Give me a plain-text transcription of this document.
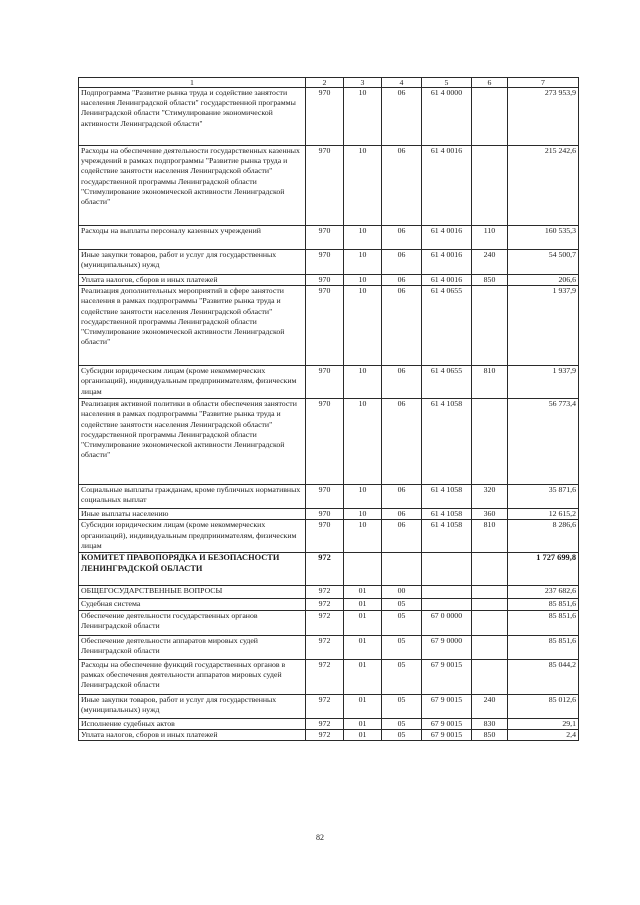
1	2	3	4	5	6	7
Подпрограмма "Развитие рынка труда и содействие занятости населения Ленинградской области" государственной программы Ленинградской области "Стимулирование экономической активности Ленинградской области"	970	10	06	61 4 0000		273 953,9
Расходы на обеспечение деятельности государственных казенных учреждений в рамках подпрограммы "Развитие рынка труда и содействие занятости населения Ленинградской области" государственной программы Ленинградской области "Стимулирование экономической активности Ленинградской области"	970	10	06	61 4 0016		215 242,6
Расходы на выплаты персоналу казенных учреждений	970	10	06	61 4 0016	110	160 535,3
Иные закупки товаров, работ и услуг для государственных (муниципальных) нужд	970	10	06	61 4 0016	240	54 500,7
Уплата налогов, сборов и иных платежей	970	10	06	61 4 0016	850	206,6
Реализация дополнительных мероприятий в сфере занятости населения в рамках подпрограммы "Развитие рынка труда и содействие занятости населения Ленинградской области" государственной программы Ленинградской области "Стимулирование экономической активности Ленинградской области"	970	10	06	61 4 0655		1 937,9
Субсидии юридическим лицам (кроме некоммерческих организаций), индивидуальным предпринимателям, физическим лицам	970	10	06	61 4 0655	810	1 937,9
Реализация активной политики в области обеспечения занятости населения в рамках подпрограммы "Развитие рынка труда и содействие занятости населения Ленинградской области" государственной программы Ленинградской области "Стимулирование экономической активности Ленинградской области"	970	10	06	61 4 1058		56 773,4
Социальные выплаты гражданам, кроме публичных нормативных социальных выплат	970	10	06	61 4 1058	320	35 871,6
Иные выплаты населению	970	10	06	61 4 1058	360	12 615,2
Субсидии юридическим лицам (кроме некоммерческих организаций), индивидуальным предпринимателям, физическим лицам	970	10	06	61 4 1058	810	8 286,6
КОМИТЕТ ПРАВОПОРЯДКА И БЕЗОПАСНОСТИ ЛЕНИНГРАДСКОЙ ОБЛАСТИ	972					1 727 699,8
ОБЩЕГОСУДАРСТВЕННЫЕ ВОПРОСЫ	972	01	00			237 682,6
Судебная система	972	01	05			85 851,6
Обеспечение деятельности государственных органов Ленинградской области	972	01	05	67 0 0000		85 851,6
Обеспечение деятельности аппаратов мировых судей Ленинградской области	972	01	05	67 9 0000		85 851,6
Расходы на обеспечение функций государственных органов в рамках обеспечения деятельности аппаратов мировых судей Ленинградской области	972	01	05	67 9 0015		85 044,2
Иные закупки товаров, работ и услуг для государственных (муниципальных) нужд	972	01	05	67 9 0015	240	85 012,6
Исполнение судебных актов	972	01	05	67 9 0015	830	29,1
Уплата налогов, сборов и иных платежей	972	01	05	67 9 0015	850	2,4
82
